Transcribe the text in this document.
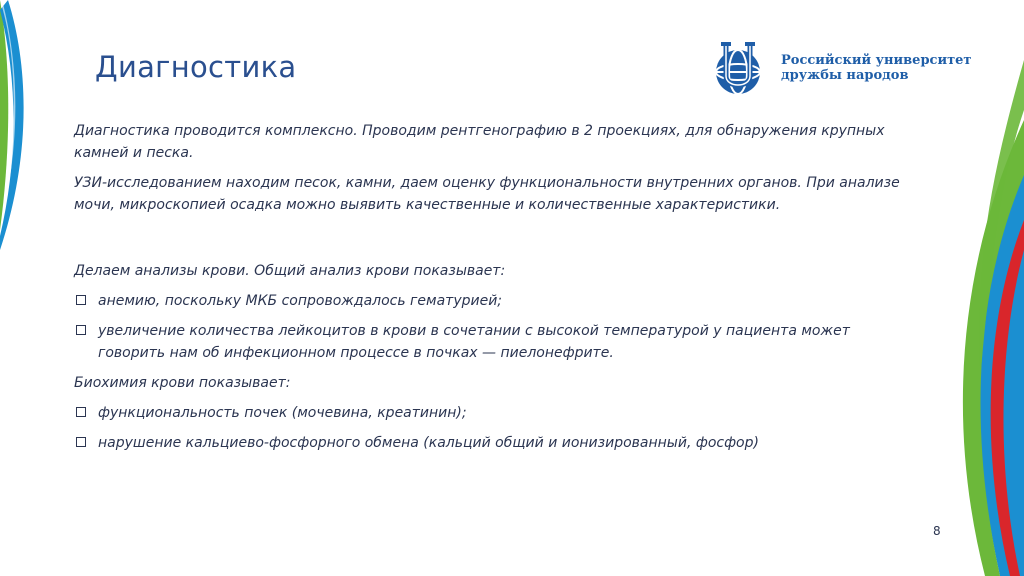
Диагностика	Российский университет
дружбы народов

Диагностика проводится комплексно. Проводим рентгенографию в 2 проекциях, для обнаружения крупных камней и песка.

УЗИ-исследованием находим песок, камни, даем оценку функциональности внутренних органов. При анализе мочи, микроскопией осадка можно выявить качественные и количественные характеристики.

Делаем анализы крови. Общий анализ крови показывает:

анемию, поскольку МКБ сопровождалось гематурией;
увеличение количества лейкоцитов в крови в сочетании с высокой температурой у пациента может говорить нам об инфекционном процессе в почках — пиелонефрите.

Биохимия крови показывает:

функциональность почек (мочевина, креатинин);
нарушение кальциево-фосфорного обмена (кальций общий и ионизированный, фосфор)
8
